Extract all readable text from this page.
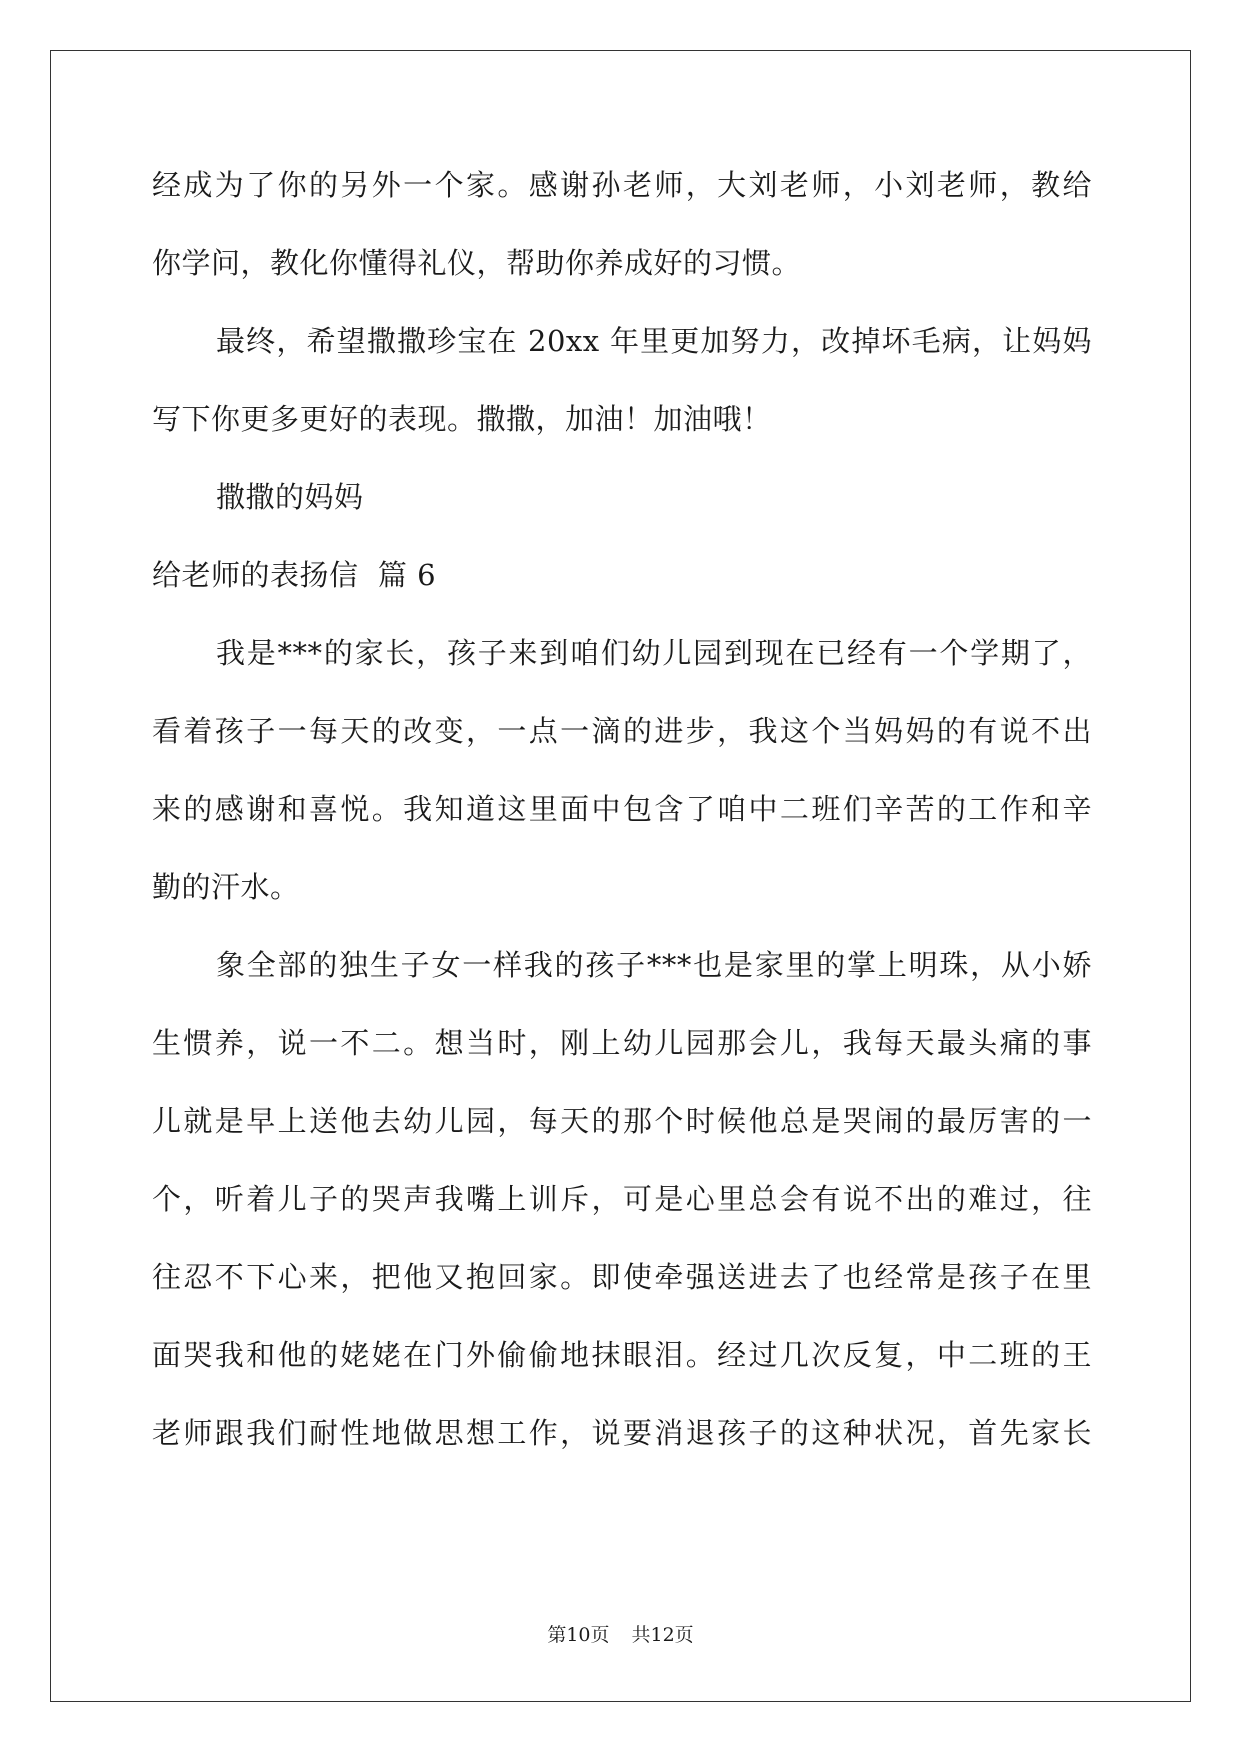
经成为了你的另外一个家。感谢孙老师，大刘老师，小刘老师，教给
你学问，教化你懂得礼仪，帮助你养成好的习惯。
最终，希望撒撒珍宝在 20xx 年里更加努力，改掉坏毛病，让妈妈
写下你更多更好的表现。撒撒，加油！加油哦！
撒撒的妈妈
给老师的表扬信  篇 6
我是***的家长，孩子来到咱们幼儿园到现在已经有一个学期了，
看着孩子一每天的改变，一点一滴的进步，我这个当妈妈的有说不出
来的感谢和喜悦。我知道这里面中包含了咱中二班们辛苦的工作和辛
勤的汗水。
象全部的独生子女一样我的孩子***也是家里的掌上明珠，从小娇
生惯养，说一不二。想当时，刚上幼儿园那会儿，我每天最头痛的事
儿就是早上送他去幼儿园，每天的那个时候他总是哭闹的最厉害的一
个，听着儿子的哭声我嘴上训斥，可是心里总会有说不出的难过，往
往忍不下心来，把他又抱回家。即使牵强送进去了也经常是孩子在里
面哭我和他的姥姥在门外偷偷地抹眼泪。经过几次反复，中二班的王
老师跟我们耐性地做思想工作，说要消退孩子的这种状况，首先家长
第10页 共12页
